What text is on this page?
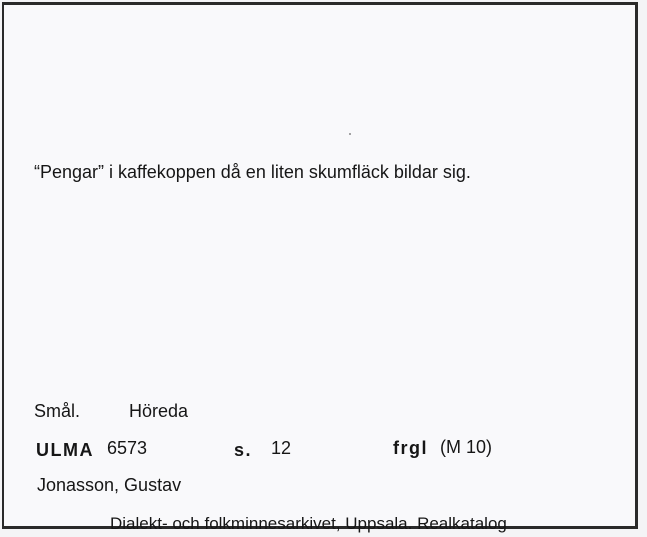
“Pengar” i kaffekoppen då en liten skumfläck bildar sig.
Smål.	Höreda
ULMA 6573	s. 12	frgl (M 10)
Jonasson, Gustav
Dialekt- och folkminnesarkivet, Uppsala. Realkatalog
